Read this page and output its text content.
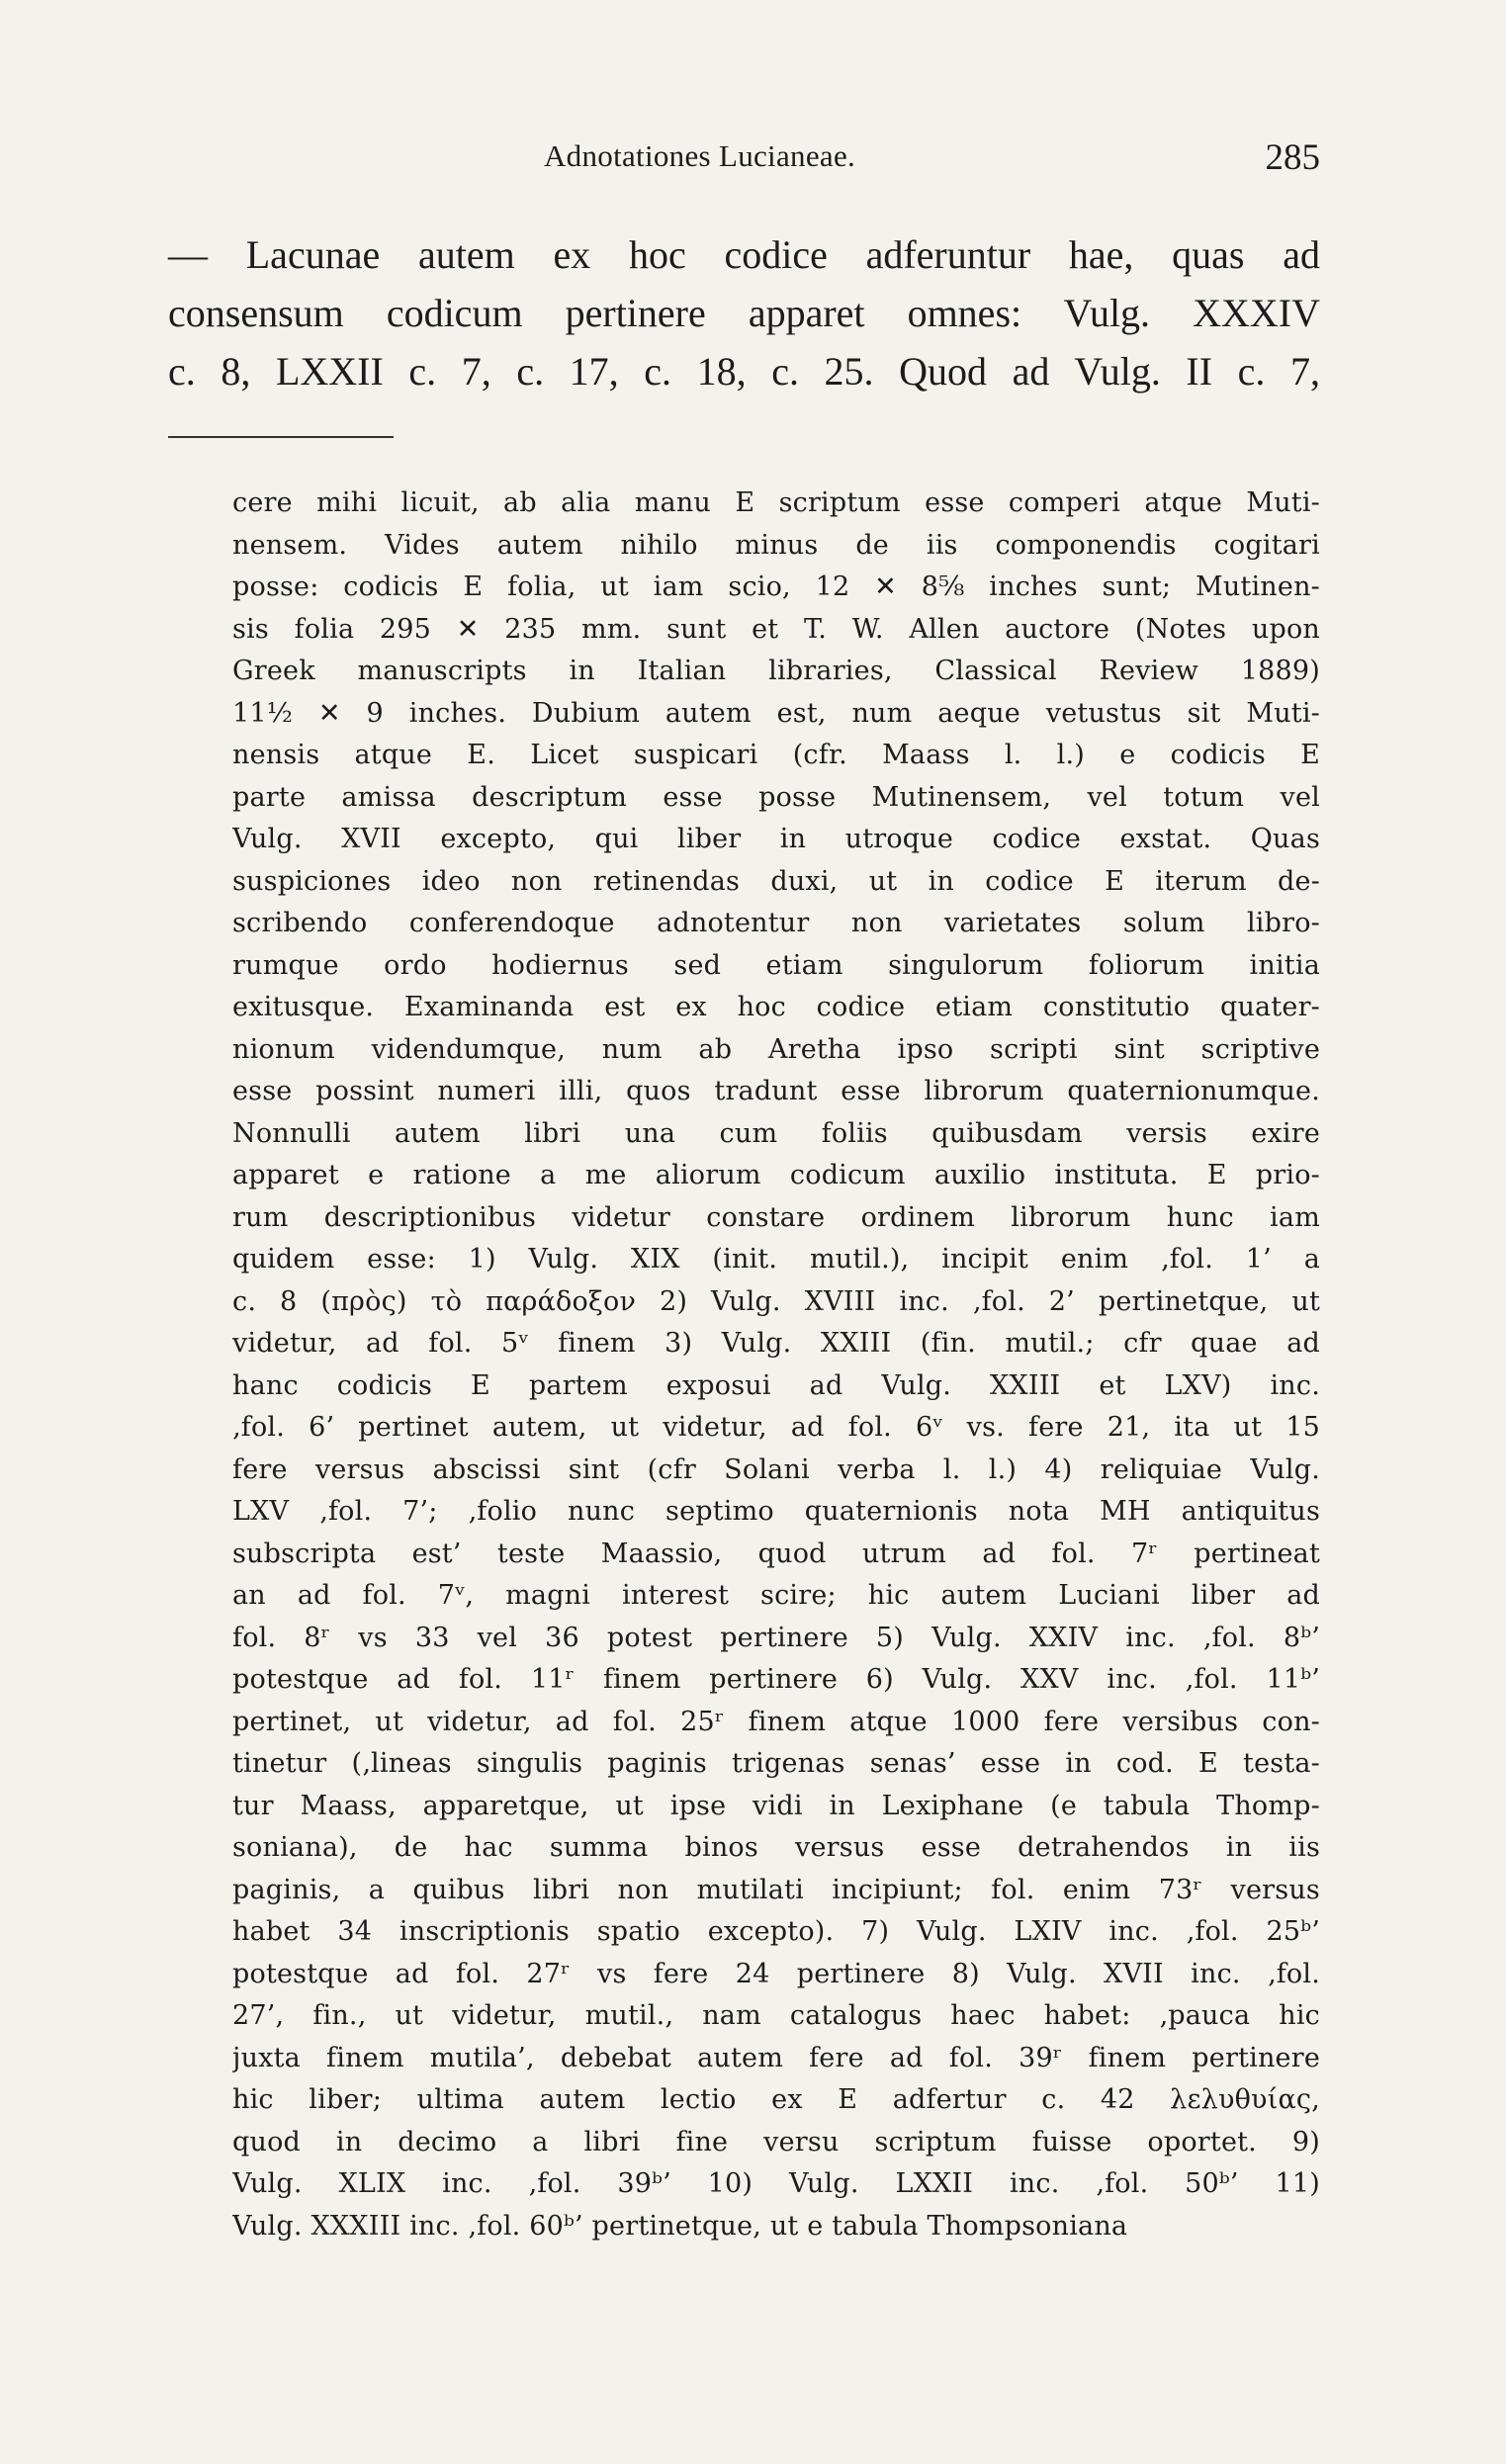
Adnotationes Lucianeae.	285
— Lacunae autem ex hoc codice adferuntur hae, quas ad
consensum codicum pertinere apparet omnes: Vulg. XXXIV
c. 8, LXXII c. 7, c. 17, c. 18, c. 25. Quod ad Vulg. II c. 7,
cere mihi licuit, ab alia manu E scriptum esse comperi atque Muti-
nensem. Vides autem nihilo minus de iis componendis cogitari
posse: codicis E folia, ut iam scio, 12 ✕ 8⅝ inches sunt; Mutinen-
sis folia 295 ✕ 235 mm. sunt et T. W. Allen auctore (Notes upon
Greek manuscripts in Italian libraries, Classical Review 1889)
11½ ✕ 9 inches. Dubium autem est, num aeque vetustus sit Muti-
nensis atque E. Licet suspicari (cfr. Maass l. l.) e codicis E
parte amissa descriptum esse posse Mutinensem, vel totum vel
Vulg. XVII excepto, qui liber in utroque codice exstat. Quas
suspiciones ideo non retinendas duxi, ut in codice E iterum de-
scribendo conferendoque adnotentur non varietates solum libro-
rumque ordo hodiernus sed etiam singulorum foliorum initia
exitusque. Examinanda est ex hoc codice etiam constitutio quater-
nionum videndumque, num ab Aretha ipso scripti sint scriptive
esse possint numeri illi, quos tradunt esse librorum quaternionumque.
Nonnulli autem libri una cum foliis quibusdam versis exire
apparet e ratione a me aliorum codicum auxilio instituta. E prio-
rum descriptionibus videtur constare ordinem librorum hunc iam
quidem esse: 1) Vulg. XIX (init. mutil.), incipit enim ‚fol. 1’ a
c. 8 (πρὸς) τὸ παράδοξον 2) Vulg. XVIII inc. ‚fol. 2’ pertinetque, ut
videtur, ad fol. 5ᵛ finem 3) Vulg. XXIII (fin. mutil.; cfr quae ad
hanc codicis E partem exposui ad Vulg. XXIII et LXV) inc.
‚fol. 6’ pertinet autem, ut videtur, ad fol. 6ᵛ vs. fere 21, ita ut 15
fere versus abscissi sint (cfr Solani verba l. l.) 4) reliquiae Vulg.
LXV ‚fol. 7’; ‚folio nunc septimo quaternionis nota MH antiquitus
subscripta est’ teste Maassio, quod utrum ad fol. 7ʳ pertineat
an ad fol. 7ᵛ, magni interest scire; hic autem Luciani liber ad
fol. 8ʳ vs 33 vel 36 potest pertinere 5) Vulg. XXIV inc. ‚fol. 8ᵇ’
potestque ad fol. 11ʳ finem pertinere 6) Vulg. XXV inc. ‚fol. 11ᵇ’
pertinet, ut videtur, ad fol. 25ʳ finem atque 1000 fere versibus con-
tinetur (‚lineas singulis paginis trigenas senas’ esse in cod. E testa-
tur Maass, apparetque, ut ipse vidi in Lexiphane (e tabula Thomp-
soniana), de hac summa binos versus esse detrahendos in iis
paginis, a quibus libri non mutilati incipiunt; fol. enim 73ʳ versus
habet 34 inscriptionis spatio excepto). 7) Vulg. LXIV inc. ‚fol. 25ᵇ’
potestque ad fol. 27ʳ vs fere 24 pertinere 8) Vulg. XVII inc. ‚fol.
27’, fin., ut videtur, mutil., nam catalogus haec habet: ‚pauca hic
juxta finem mutila’, debebat autem fere ad fol. 39ʳ finem pertinere
hic liber; ultima autem lectio ex E adfertur c. 42 λελυθυίας,
quod in decimo a libri fine versu scriptum fuisse oportet. 9)
Vulg. XLIX inc. ‚fol. 39ᵇ’ 10) Vulg. LXXII inc. ‚fol. 50ᵇ’ 11)
Vulg. XXXIII inc. ‚fol. 60ᵇ’ pertinetque, ut e tabula Thompsoniana
